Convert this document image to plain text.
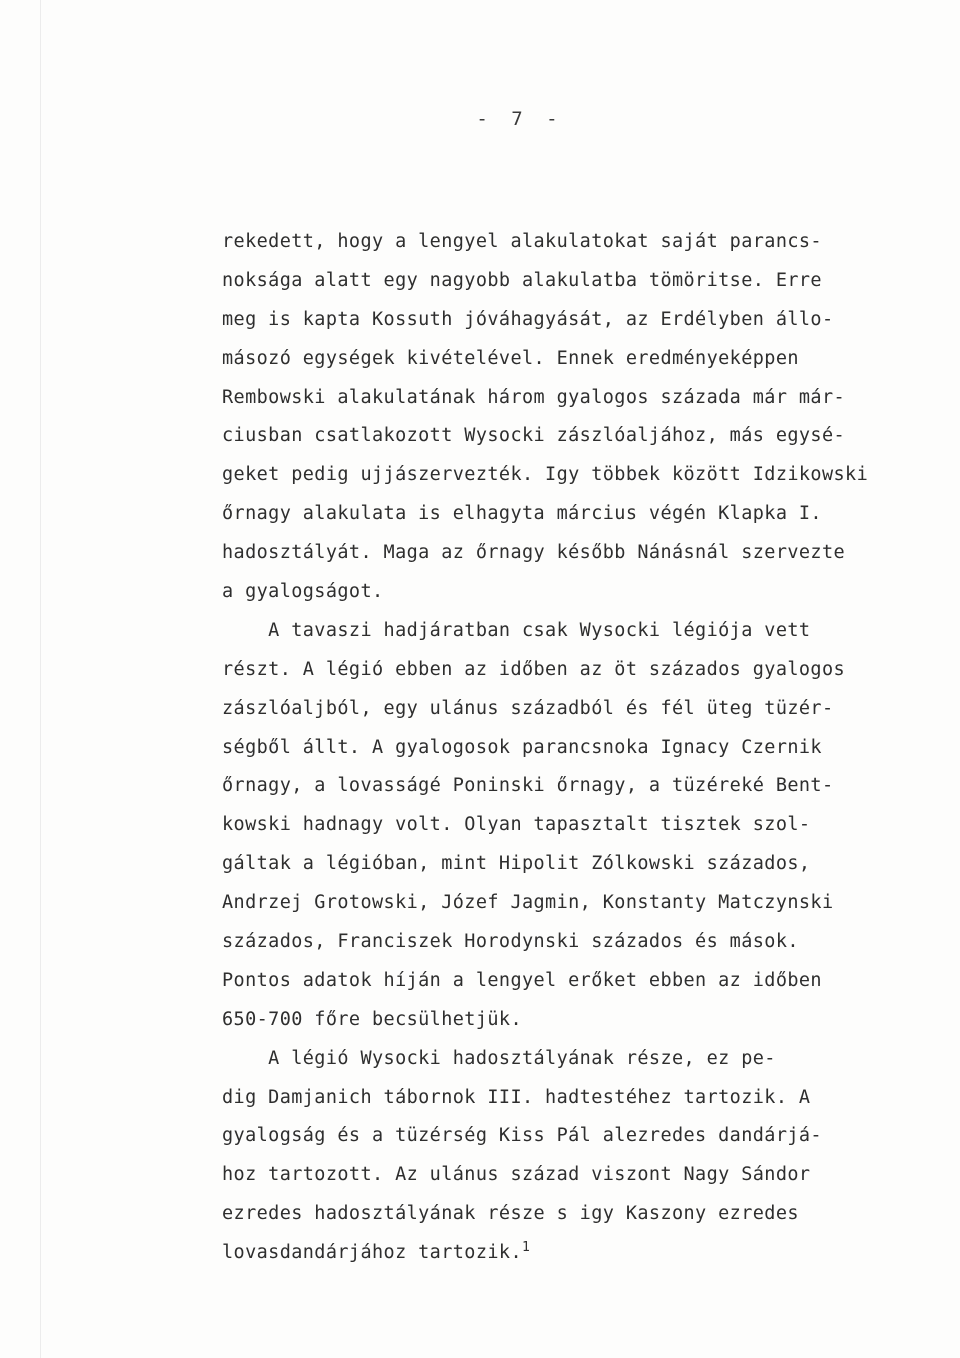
- 7 -
rekedett, hogy a lengyel alakulatokat saját parancs-
noksága alatt egy nagyobb alakulatba tömöritse. Erre
meg is kapta Kossuth jóváhagyását, az Erdélyben állo-
másozó egységek kivételével. Ennek eredményeképpen
Rembowski alakulatának három gyalogos százada már már-
ciusban csatlakozott Wysocki zászlóaljához, más egysé-
geket pedig ujjászervezték. Igy többek között Idzikowski
őrnagy alakulata is elhagyta március végén Klapka I.
hadosztályát. Maga az őrnagy később Nánásnál szervezte
a gyalogságot.
A tavaszi hadjáratban csak Wysocki légiója vett
részt. A légió ebben az időben az öt százados gyalogos
zászlóaljból, egy ulánus századból és fél üteg tüzér-
ségből állt. A gyalogosok parancsnoka Ignacy Czernik
őrnagy, a lovasságé Poninski őrnagy, a tüzéreké Bent-
kowski hadnagy volt. Olyan tapasztalt tisztek szol-
gáltak a légióban, mint Hipolit Zólkowski százados,
Andrzej Grotowski, Józef Jagmin, Konstanty Matczynski
százados, Franciszek Horodynski százados és mások.
Pontos adatok híján a lengyel erőket ebben az időben
650-700 főre becsülhetjük.
A légió Wysocki hadosztályának része, ez pe-
dig Damjanich tábornok III. hadtestéhez tartozik. A
gyalogság és a tüzérség Kiss Pál alezredes dandárjá-
hoz tartozott. Az ulánus század viszont Nagy Sándor
ezredes hadosztályának része s igy Kaszony ezredes
lovasdandárjához tartozik.$^1$
